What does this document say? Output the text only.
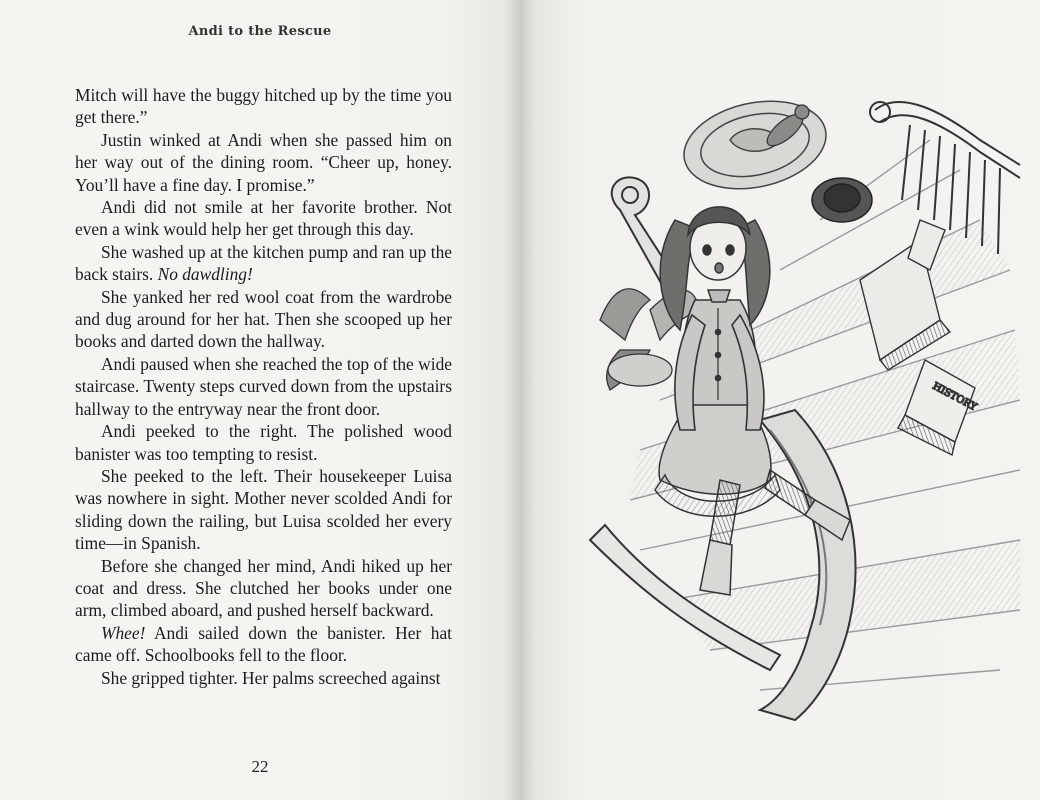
Andi to the Rescue

Mitch will have the buggy hitched up by the time you get there.”

Justin winked at Andi when she passed him on her way out of the dining room. “Cheer up, honey. You’ll have a fine day. I promise.”

Andi did not smile at her favorite brother. Not even a wink would help her get through this day.

She washed up at the kitchen pump and ran up the back stairs. No dawdling!

She yanked her red wool coat from the wardrobe and dug around for her hat. Then she scooped up her books and darted down the hallway.

Andi paused when she reached the top of the wide staircase. Twenty steps curved down from the upstairs hallway to the entryway near the front door.

Andi peeked to the right. The polished wood banister was too tempting to resist.

She peeked to the left. Their housekeeper Luisa was nowhere in sight. Mother never scolded Andi for sliding down the railing, but Luisa scolded her every time—in Spanish.

Before she changed her mind, Andi hiked up her coat and dress. She clutched her books under one arm, climbed aboard, and pushed herself backward.

Whee! Andi sailed down the banister. Her hat came off. Schoolbooks fell to the floor.

She gripped tighter. Her palms screeched against

22
HISTORY
